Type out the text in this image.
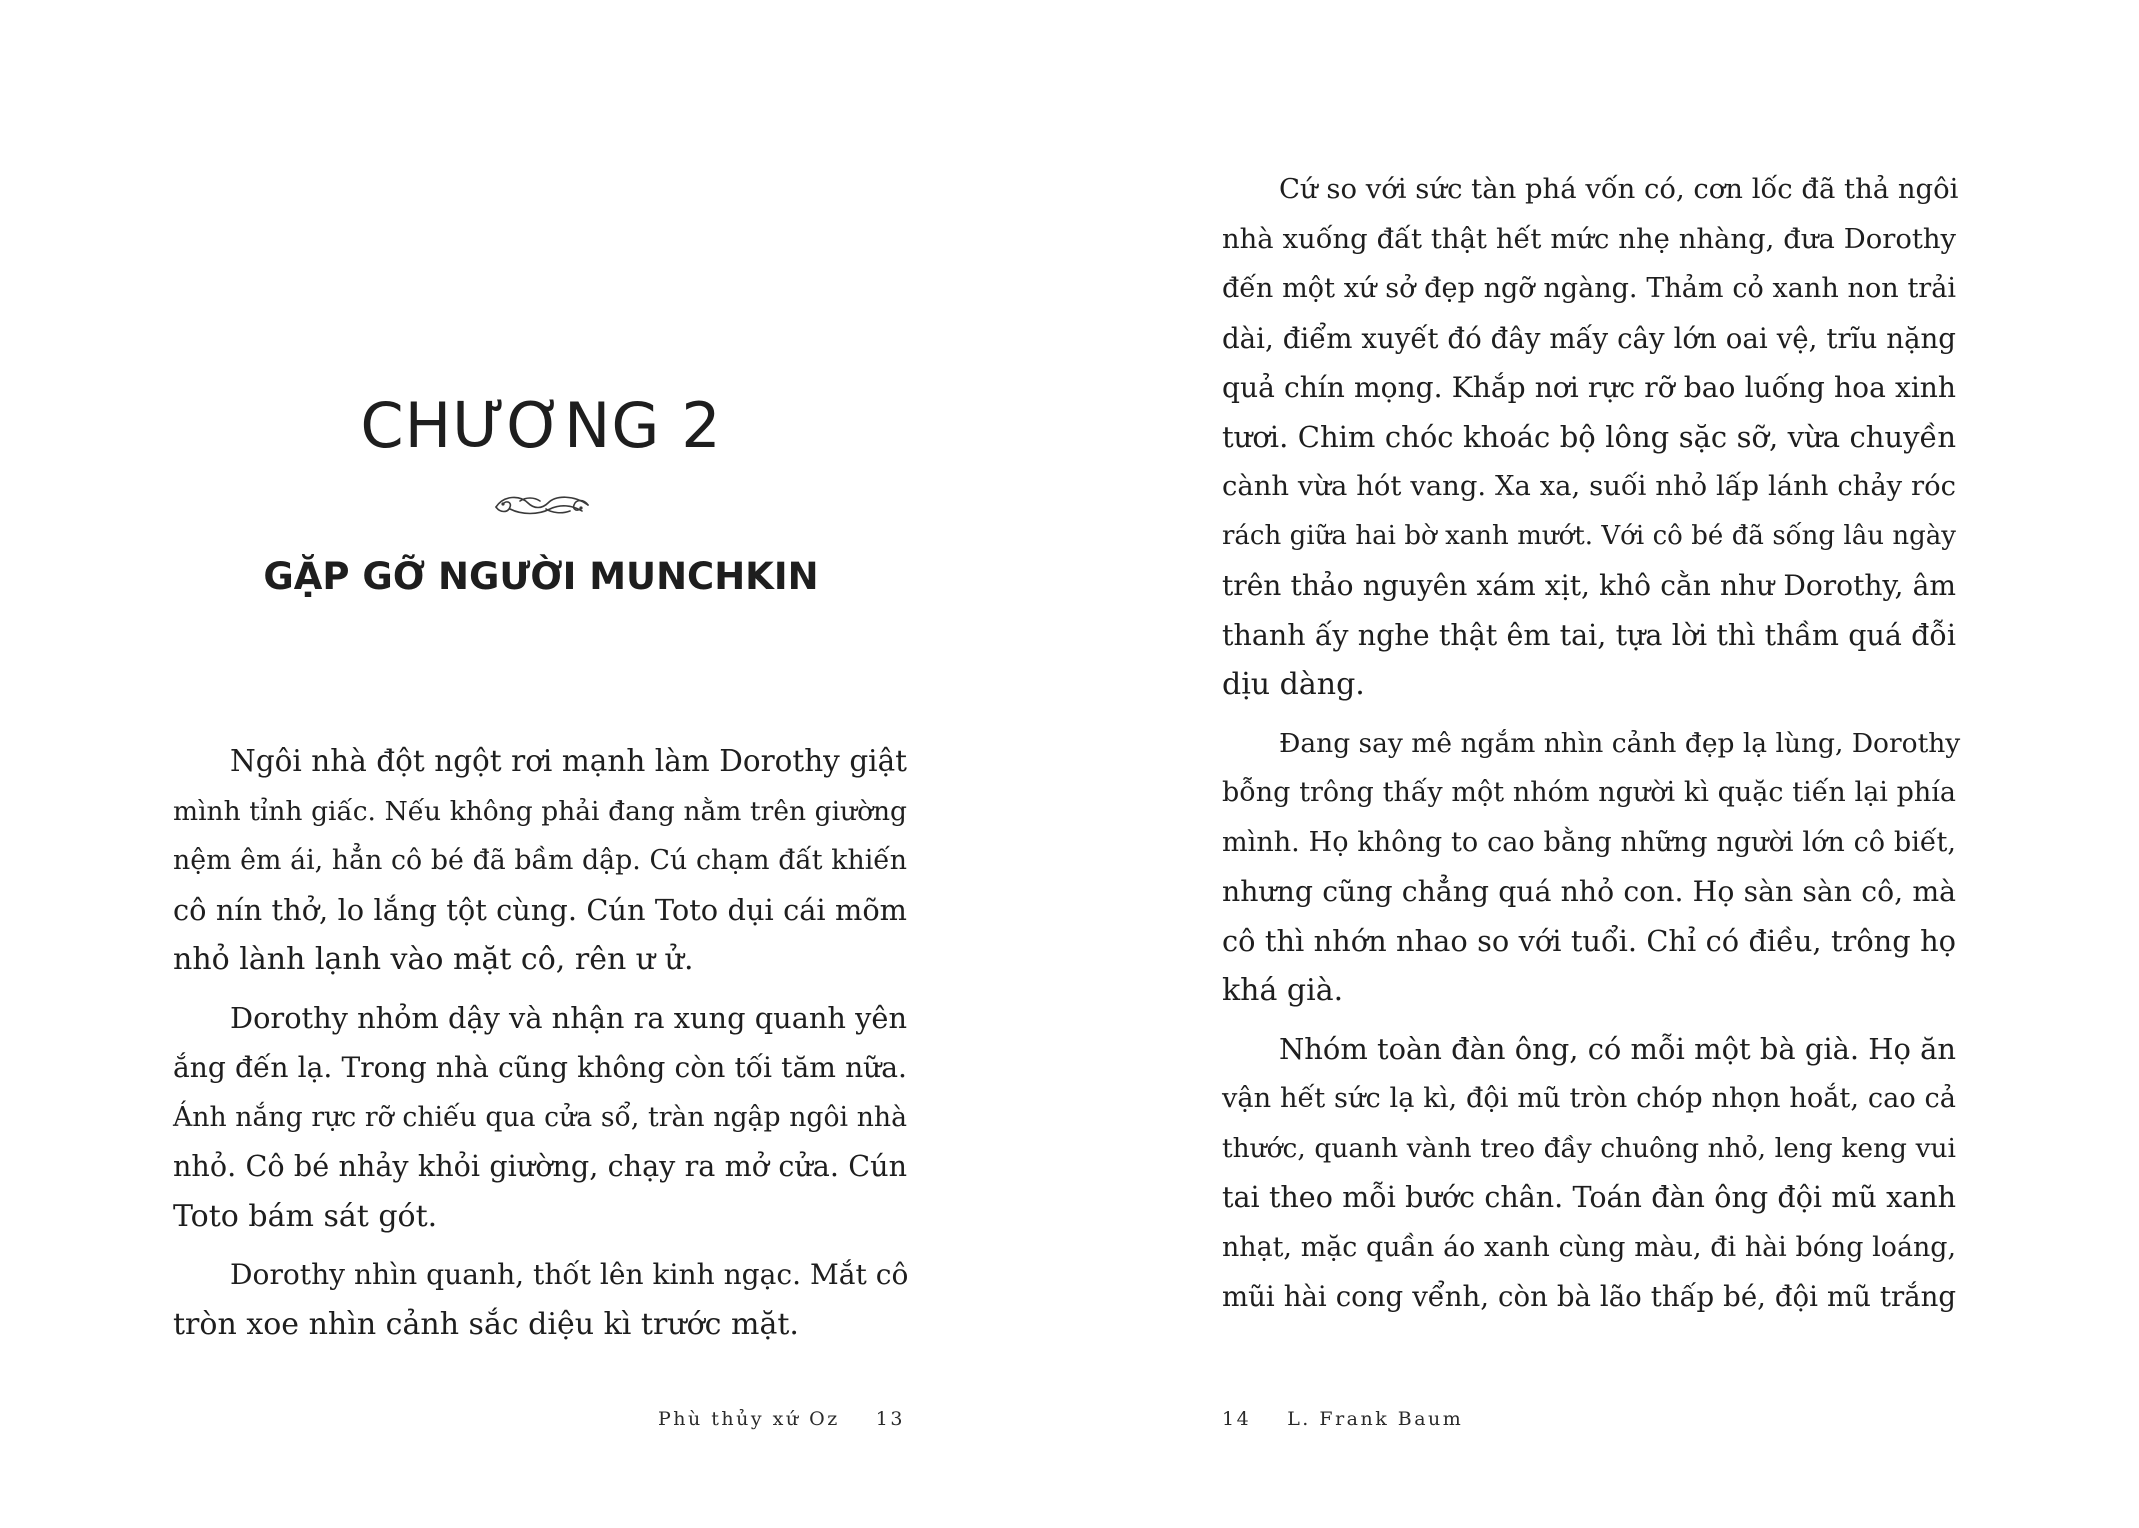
CHƯƠNG 2
GẶP GỠ NGƯỜI MUNCHKIN
Ngôi nhà đột ngột rơi mạnh làm Dorothy giật
mình tỉnh giấc. Nếu không phải đang nằm trên giường
nệm êm ái, hẳn cô bé đã bầm dập. Cú chạm đất khiến
cô nín thở, lo lắng tột cùng. Cún Toto dụi cái mõm
nhỏ lành lạnh vào mặt cô, rên ư ử.
Dorothy nhỏm dậy và nhận ra xung quanh yên
ắng đến lạ. Trong nhà cũng không còn tối tăm nữa.
Ánh nắng rực rỡ chiếu qua cửa sổ, tràn ngập ngôi nhà
nhỏ. Cô bé nhảy khỏi giường, chạy ra mở cửa. Cún
Toto bám sát gót.
Dorothy nhìn quanh, thốt lên kinh ngạc. Mắt cô
tròn xoe nhìn cảnh sắc diệu kì trước mặt.
Phù thủy xứ Oz 13
Cứ so với sức tàn phá vốn có, cơn lốc đã thả ngôi
nhà xuống đất thật hết mức nhẹ nhàng, đưa Dorothy
đến một xứ sở đẹp ngỡ ngàng. Thảm cỏ xanh non trải
dài, điểm xuyết đó đây mấy cây lớn oai vệ, trĩu nặng
quả chín mọng. Khắp nơi rực rỡ bao luống hoa xinh
tươi. Chim chóc khoác bộ lông sặc sỡ, vừa chuyền
cành vừa hót vang. Xa xa, suối nhỏ lấp lánh chảy róc
rách giữa hai bờ xanh mướt. Với cô bé đã sống lâu ngày
trên thảo nguyên xám xịt, khô cằn như Dorothy, âm
thanh ấy nghe thật êm tai, tựa lời thì thầm quá đỗi
dịu dàng.
Đang say mê ngắm nhìn cảnh đẹp lạ lùng, Dorothy
bỗng trông thấy một nhóm người kì quặc tiến lại phía
mình. Họ không to cao bằng những người lớn cô biết,
nhưng cũng chẳng quá nhỏ con. Họ sàn sàn cô, mà
cô thì nhớn nhao so với tuổi. Chỉ có điều, trông họ
khá già.
Nhóm toàn đàn ông, có mỗi một bà già. Họ ăn
vận hết sức lạ kì, đội mũ tròn chóp nhọn hoắt, cao cả
thước, quanh vành treo đầy chuông nhỏ, leng keng vui
tai theo mỗi bước chân. Toán đàn ông đội mũ xanh
nhạt, mặc quần áo xanh cùng màu, đi hài bóng loáng,
mũi hài cong vểnh, còn bà lão thấp bé, đội mũ trắng
14 L. Frank Baum
